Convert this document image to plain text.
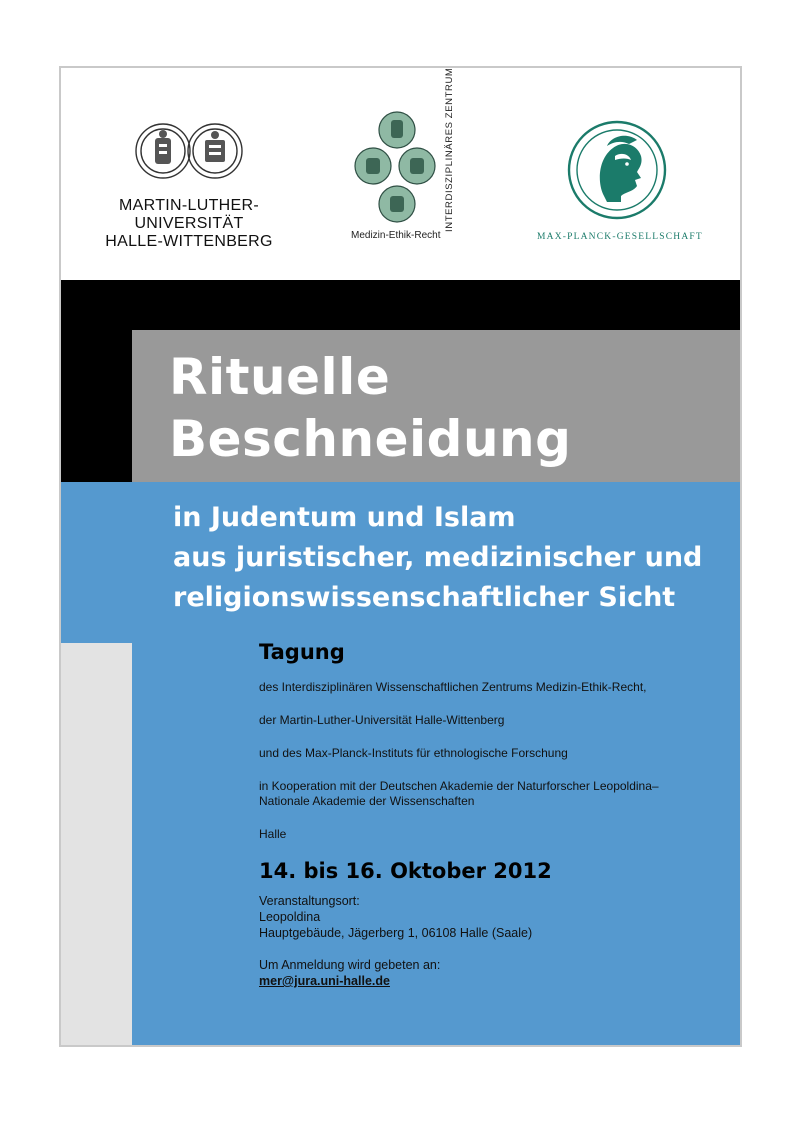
MARTIN-LUTHER-
UNIVERSITÄT
HALLE-WITTENBERG	Medizin-Ethik-Recht
INTERDISZIPLINÄRES ZENTRUM
MAX-PLANCK-GESELLSCHAFT
Rituelle
Beschneidung
in Judentum und Islam
aus juristischer, medizinischer und
religionswissenschaftlicher Sicht
Tagung
des Interdisziplinären Wissenschaftlichen Zentrums Medizin-Ethik-Recht,
der Martin-Luther-Universität Halle-Wittenberg
und des Max-Planck-Instituts für ethnologische Forschung
in Kooperation mit der Deutschen Akademie der Naturforscher Leopoldina–
Nationale Akademie der Wissenschaften
Halle
14. bis 16. Oktober 2012
Veranstaltungsort:
Leopoldina
Hauptgebäude, Jägerberg 1, 06108 Halle (Saale)
Um Anmeldung wird gebeten an:
mer@jura.uni-halle.de
